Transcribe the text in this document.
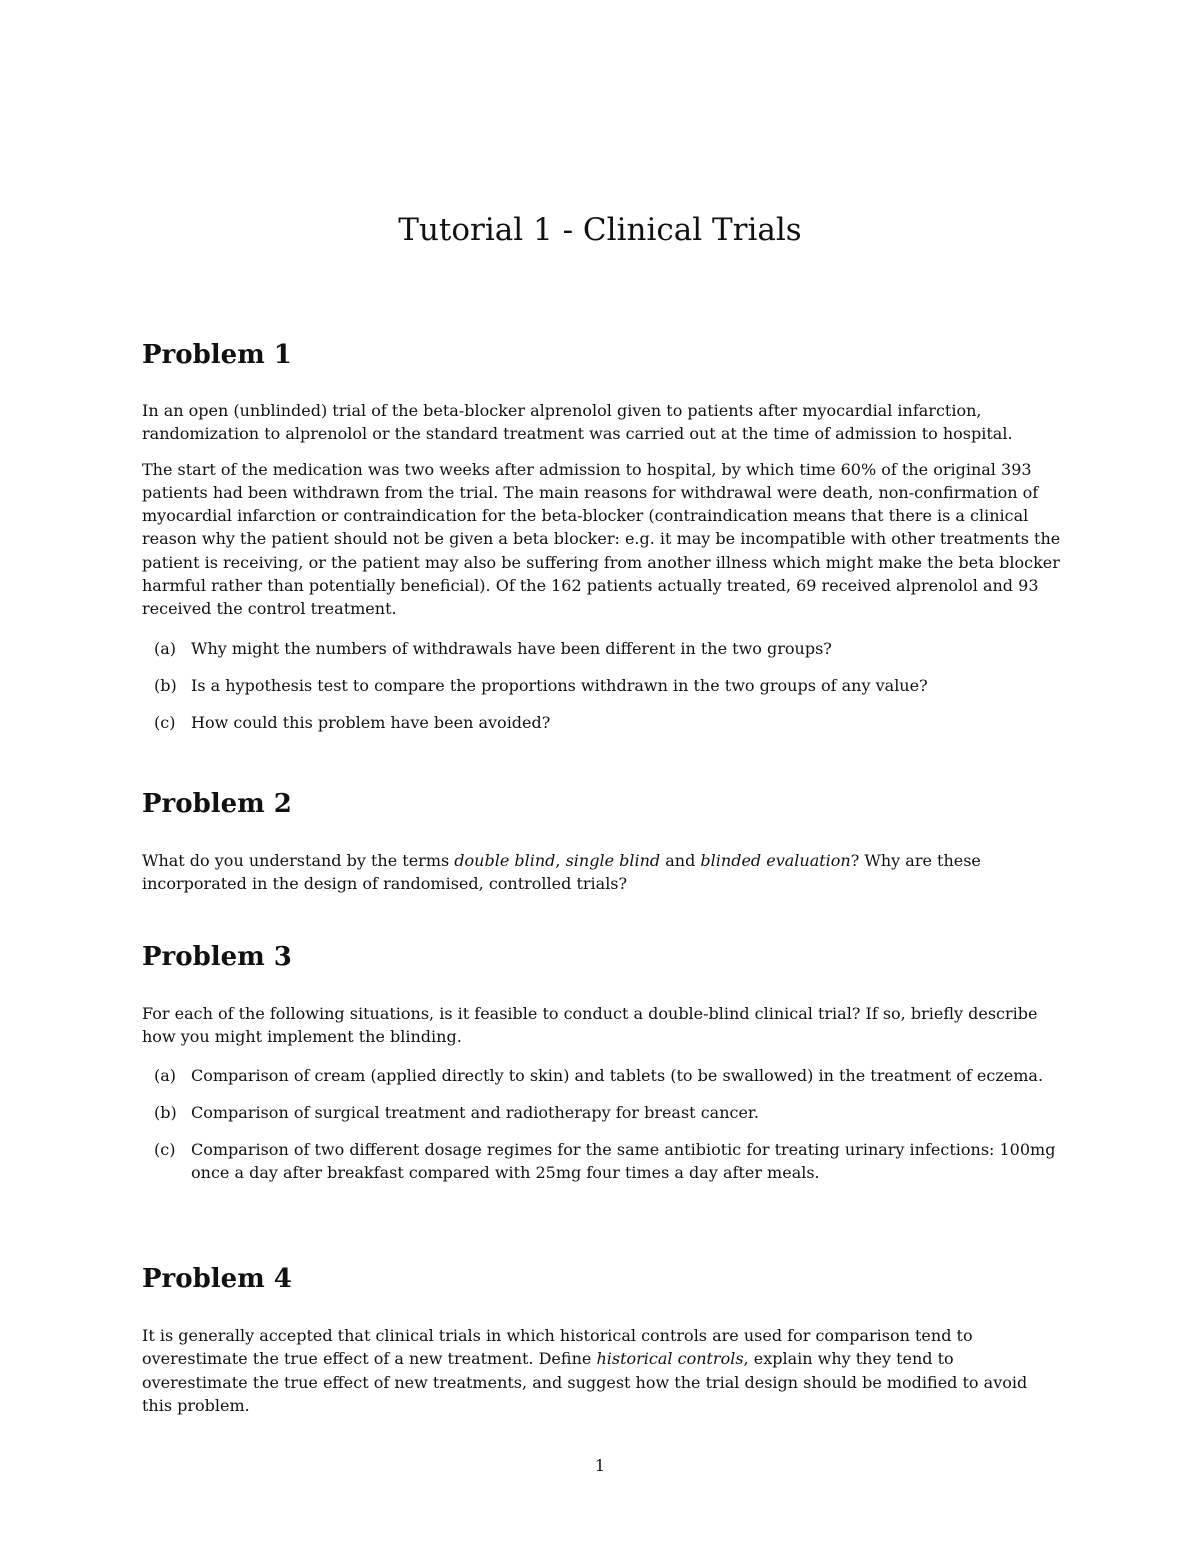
Tutorial 1 - Clinical Trials
Problem 1

In an open (unblinded) trial of the beta-blocker alprenolol given to patients after myocardial infarction, randomization to alprenolol or the standard treatment was carried out at the time of admission to hospital.

The start of the medication was two weeks after admission to hospital, by which time 60% of the original 393 patients had been withdrawn from the trial. The main reasons for withdrawal were death, non-confirmation of myocardial infarction or contraindication for the beta-blocker (contraindication means that there is a clinical reason why the patient should not be given a beta blocker: e.g. it may be incompatible with other treatments the patient is receiving, or the patient may also be suffering from another illness which might make the beta blocker harmful rather than potentially beneficial). Of the 162 patients actually treated, 69 received alprenolol and 93 received the control treatment.

(a) Why might the numbers of withdrawals have been different in the two groups?
(b) Is a hypothesis test to compare the proportions withdrawn in the two groups of any value?
(c) How could this problem have been avoided?
Problem 2

What do you understand by the terms double blind, single blind and blinded evaluation? Why are these incorporated in the design of randomised, controlled trials?

Problem 3

For each of the following situations, is it feasible to conduct a double-blind clinical trial? If so, briefly describe how you might implement the blinding.

(a) Comparison of cream (applied directly to skin) and tablets (to be swallowed) in the treatment of eczema.
(b) Comparison of surgical treatment and radiotherapy for breast cancer.
(c) Comparison of two different dosage regimes for the same antibiotic for treating urinary infections: 100mg once a day after breakfast compared with 25mg four times a day after meals.
Problem 4

It is generally accepted that clinical trials in which historical controls are used for comparison tend to overestimate the true effect of a new treatment. Define historical controls, explain why they tend to overestimate the true effect of new treatments, and suggest how the trial design should be modified to avoid this problem.

1
